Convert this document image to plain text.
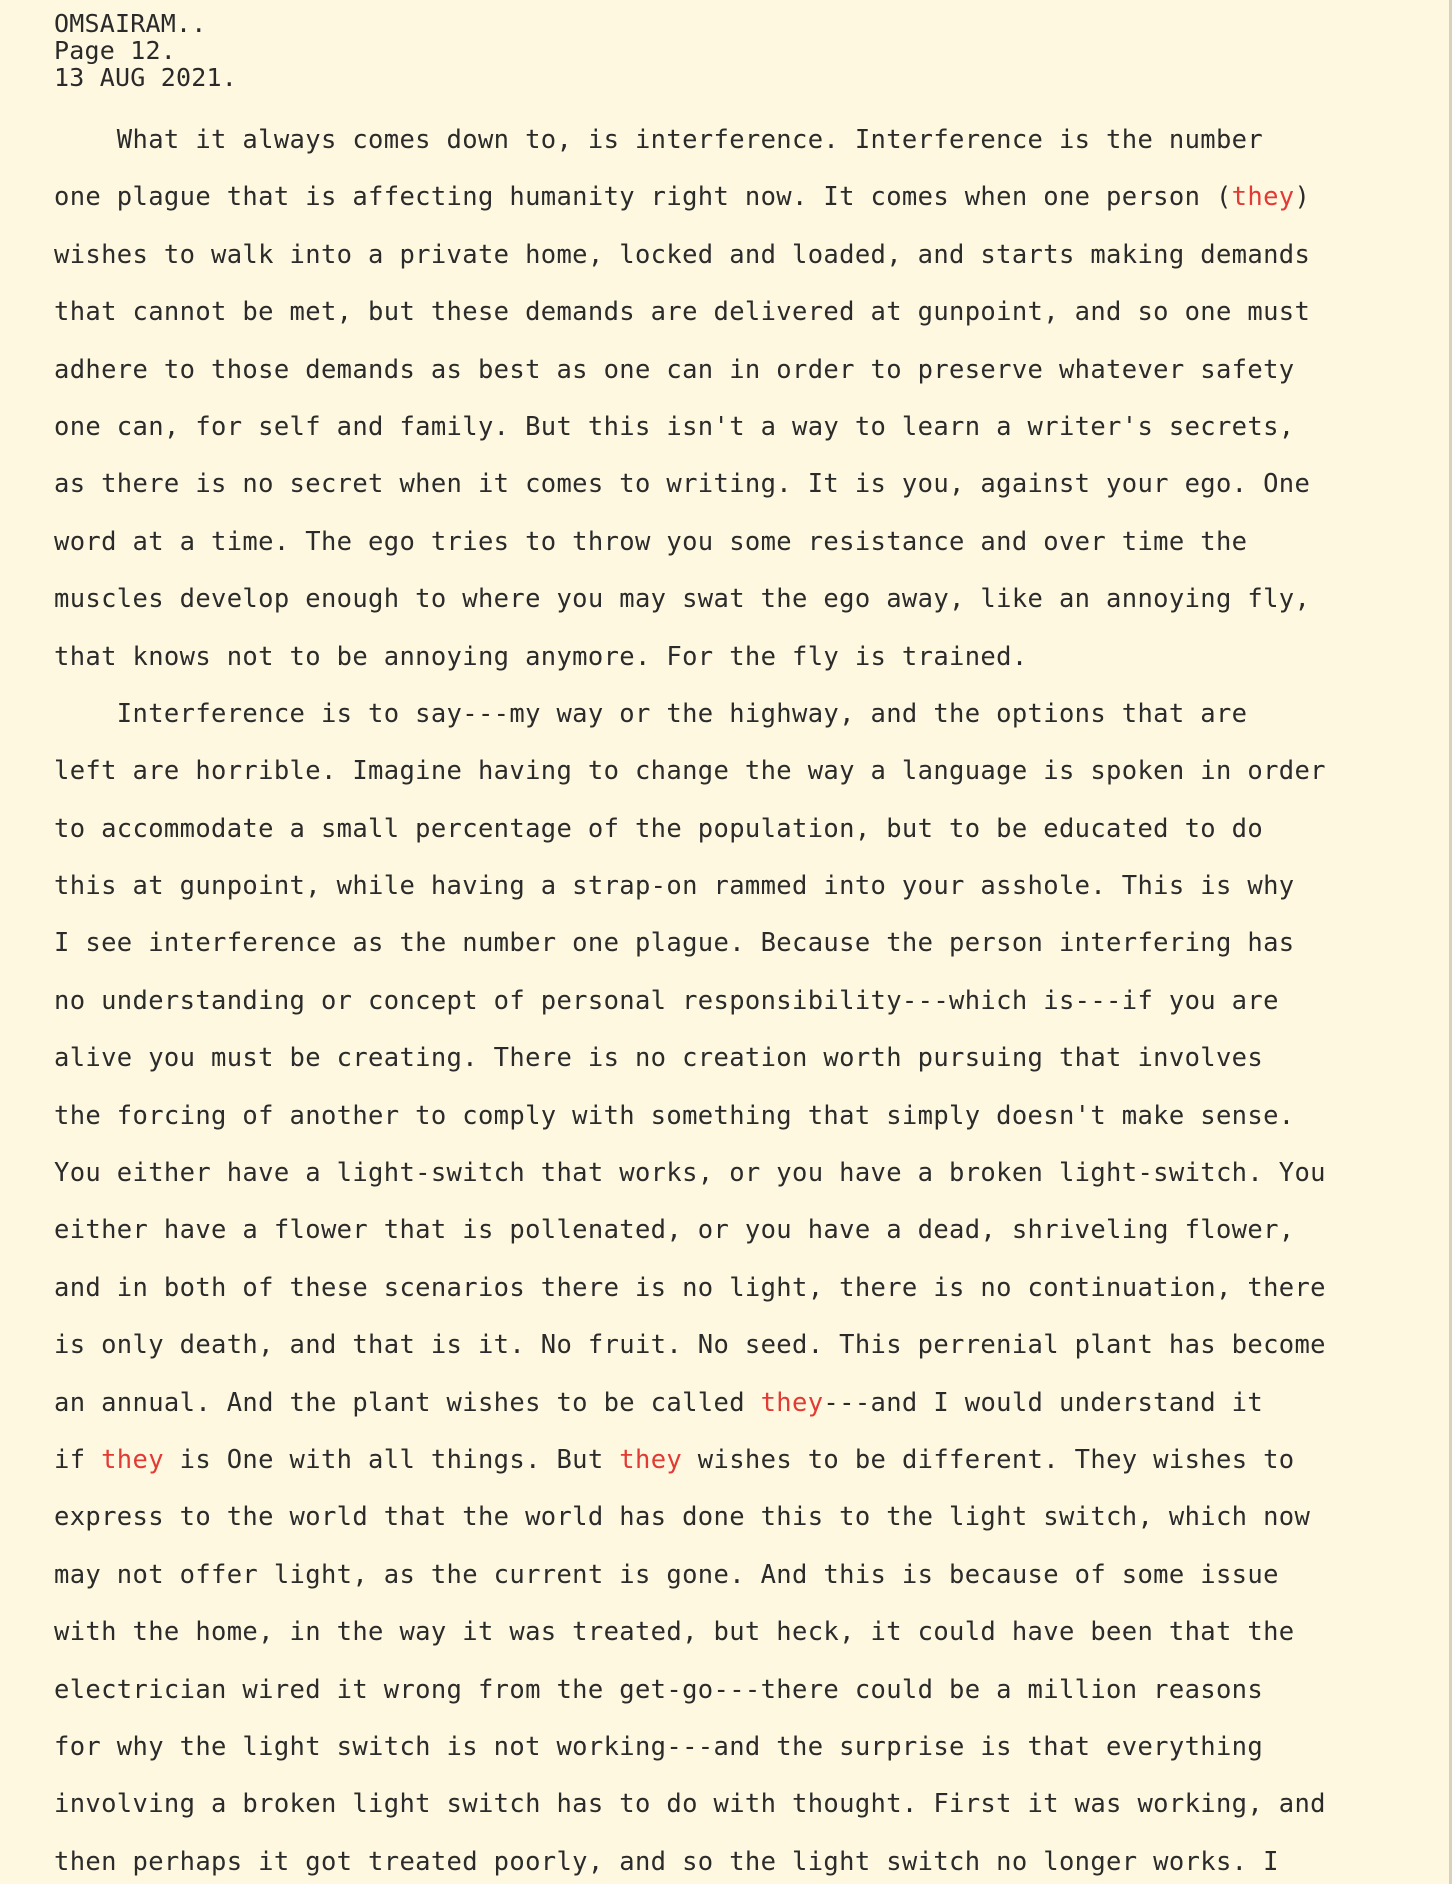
OMSAIRAM..
Page 12.
13 AUG 2021.
What it always comes down to, is interference. Interference is the number
one plague that is affecting humanity right now. It comes when one person (they)
wishes to walk into a private home, locked and loaded, and starts making demands
that cannot be met, but these demands are delivered at gunpoint, and so one must
adhere to those demands as best as one can in order to preserve whatever safety
one can, for self and family. But this isn't a way to learn a writer's secrets,
as there is no secret when it comes to writing. It is you, against your ego. One
word at a time. The ego tries to throw you some resistance and over time the
muscles develop enough to where you may swat the ego away, like an annoying fly,
that knows not to be annoying anymore. For the fly is trained.
Interference is to say---my way or the highway, and the options that are
left are horrible. Imagine having to change the way a language is spoken in order
to accommodate a small percentage of the population, but to be educated to do
this at gunpoint, while having a strap-on rammed into your asshole. This is why
I see interference as the number one plague. Because the person interfering has
no understanding or concept of personal responsibility---which is---if you are
alive you must be creating. There is no creation worth pursuing that involves
the forcing of another to comply with something that simply doesn't make sense.
You either have a light-switch that works, or you have a broken light-switch. You
either have a flower that is pollenated, or you have a dead, shriveling flower,
and in both of these scenarios there is no light, there is no continuation, there
is only death, and that is it. No fruit. No seed. This perrenial plant has become
an annual. And the plant wishes to be called they---and I would understand it
if they is One with all things. But they wishes to be different. They wishes to
express to the world that the world has done this to the light switch, which now
may not offer light, as the current is gone. And this is because of some issue
with the home, in the way it was treated, but heck, it could have been that the
electrician wired it wrong from the get-go---there could be a million reasons
for why the light switch is not working---and the surprise is that everything
involving a broken light switch has to do with thought. First it was working, and
then perhaps it got treated poorly, and so the light switch no longer works. I
